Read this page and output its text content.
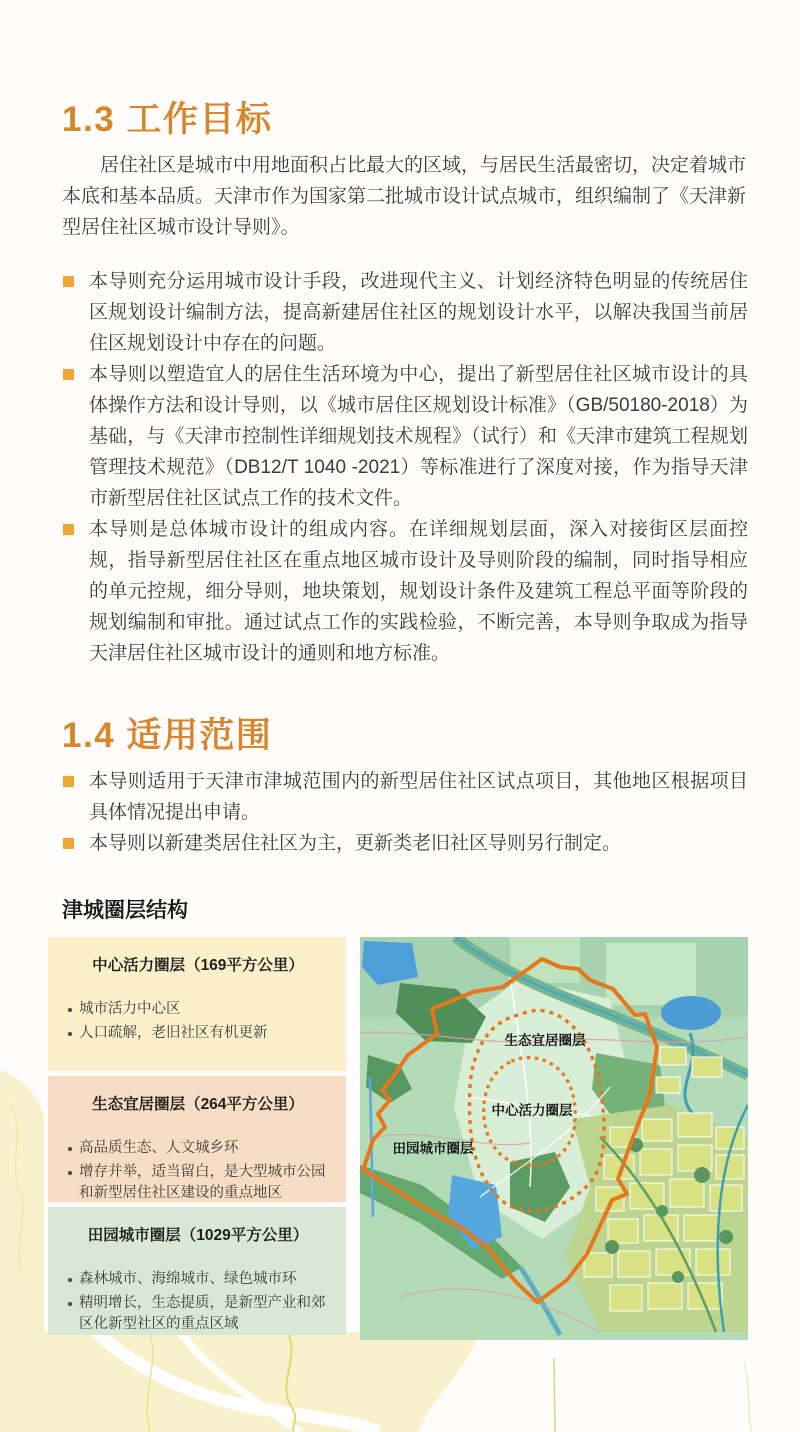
1.3 工作目标

居住社区是城市中用地面积占比最大的区域，与居民生活最密切，决定着城市本底和基本品质。天津市作为国家第二批城市设计试点城市，组织编制了《天津新型居住社区城市设计导则》。

本导则充分运用城市设计手段，改进现代主义、计划经济特色明显的传统居住区规划设计编制方法，提高新建居住社区的规划设计水平，以解决我国当前居住区规划设计中存在的问题。
本导则以塑造宜人的居住生活环境为中心，提出了新型居住社区城市设计的具体操作方法和设计导则，以《城市居住区规划设计标准》（GB/50180-2018）为基础，与《天津市控制性详细规划技术规程》（试行）和《天津市建筑工程规划管理技术规范》（DB12/T 1040 -2021）等标准进行了深度对接，作为指导天津市新型居住社区试点工作的技术文件。
本导则是总体城市设计的组成内容。在详细规划层面，深入对接街区层面控规，指导新型居住社区在重点地区城市设计及导则阶段的编制，同时指导相应的单元控规，细分导则，地块策划，规划设计条件及建筑工程总平面等阶段的规划编制和审批。通过试点工作的实践检验，不断完善，本导则争取成为指导天津居住社区城市设计的通则和地方标准。
1.4 适用范围
本导则适用于天津市津城范围内的新型居住社区试点项目，其他地区根据项目具体情况提出申请。
本导则以新建类居住社区为主，更新类老旧社区导则另行制定。
津城圈层结构

中心活力圈层（169平方公里）

城市活力中心区
人口疏解，老旧社区有机更新

生态宜居圈层（264平方公里）

高品质生态、人文城乡环
增存并举，适当留白，是大型城市公园和新型居住社区建设的重点地区

田园城市圈层（1029平方公里）

森林城市、海绵城市、绿色城市环
精明增长，生态提质，是新型产业和郊区化新型社区的重点区域
生态宜居圈层
中心活力圈层
田园城市圈层
